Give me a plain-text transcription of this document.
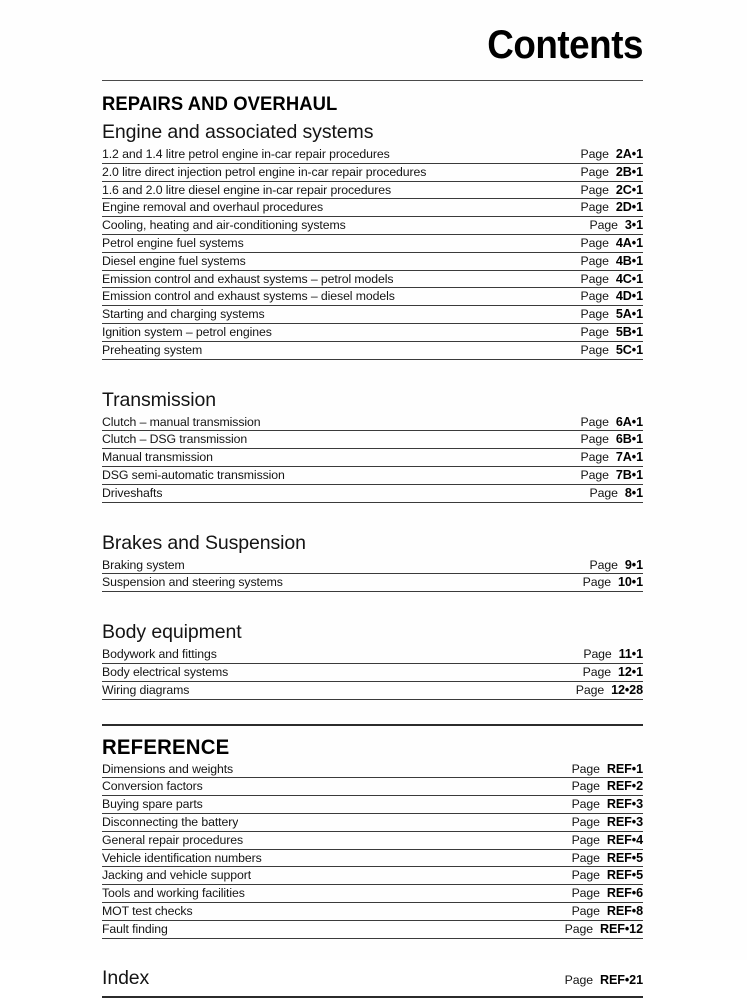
Contents
REPAIRS AND OVERHAUL
Engine and associated systems
1.2 and 1.4 litre petrol engine in-car repair procedures	Page 2A•1
2.0 litre direct injection petrol engine in-car repair procedures	Page 2B•1
1.6 and 2.0 litre diesel engine in-car repair procedures	Page 2C•1
Engine removal and overhaul procedures	Page 2D•1
Cooling, heating and air-conditioning systems	Page 3•1
Petrol engine fuel systems	Page 4A•1
Diesel engine fuel systems	Page 4B•1
Emission control and exhaust systems – petrol models	Page 4C•1
Emission control and exhaust systems – diesel models	Page 4D•1
Starting and charging systems	Page 5A•1
Ignition system – petrol engines	Page 5B•1
Preheating system	Page 5C•1
Transmission
Clutch – manual transmission	Page 6A•1
Clutch – DSG transmission	Page 6B•1
Manual transmission	Page 7A•1
DSG semi-automatic transmission	Page 7B•1
Driveshafts	Page 8•1
Brakes and Suspension
Braking system	Page 9•1
Suspension and steering systems	Page 10•1
Body equipment
Bodywork and fittings	Page 11•1
Body electrical systems	Page 12•1
Wiring diagrams	Page 12•28
REFERENCE
Dimensions and weights	Page REF•1
Conversion factors	Page REF•2
Buying spare parts	Page REF•3
Disconnecting the battery	Page REF•3
General repair procedures	Page REF•4
Vehicle identification numbers	Page REF•5
Jacking and vehicle support	Page REF•5
Tools and working facilities	Page REF•6
MOT test checks	Page REF•8
Fault finding	Page REF•12
Index	Page REF•21
